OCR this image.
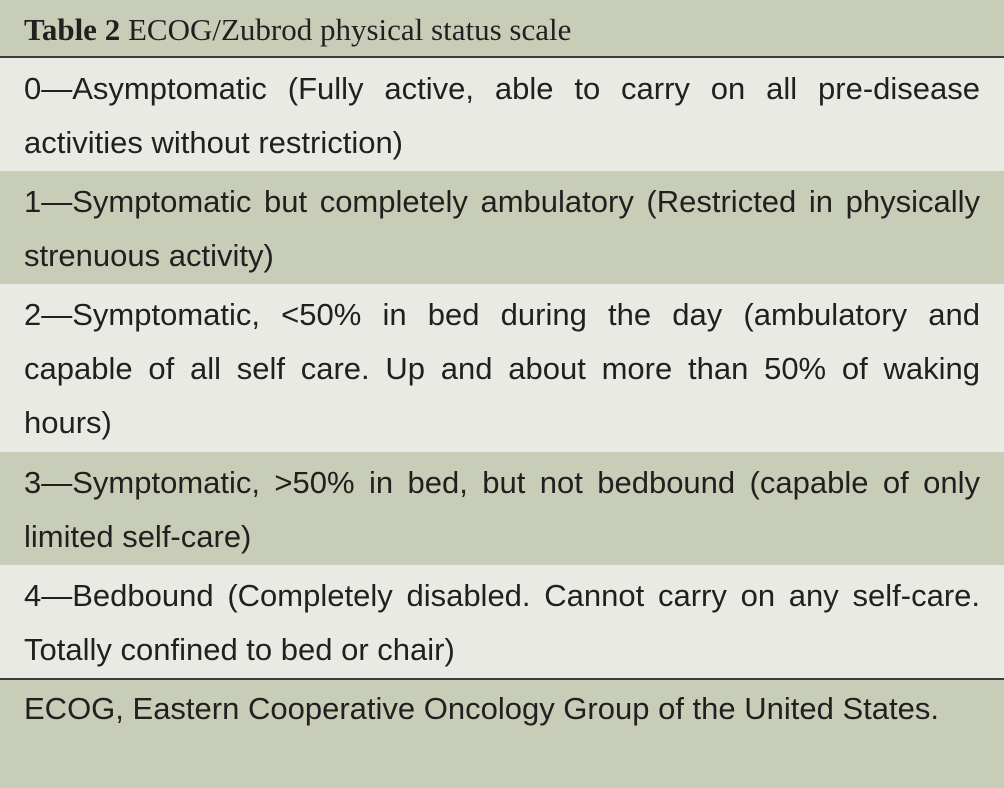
Table 2 ECOG/Zubrod physical status scale
0—Asymptomatic (Fully active, able to carry on all pre-disease activities without restriction)
1—Symptomatic but completely ambulatory (Restricted in physically strenuous activity)
2—Symptomatic, <50% in bed during the day (ambulatory and capable of all self care. Up and about more than 50% of waking hours)
3—Symptomatic, >50% in bed, but not bedbound (capable of only limited self-care)
4—Bedbound (Completely disabled. Cannot carry on any self-care. Totally confined to bed or chair)
ECOG, Eastern Cooperative Oncology Group of the United States.
